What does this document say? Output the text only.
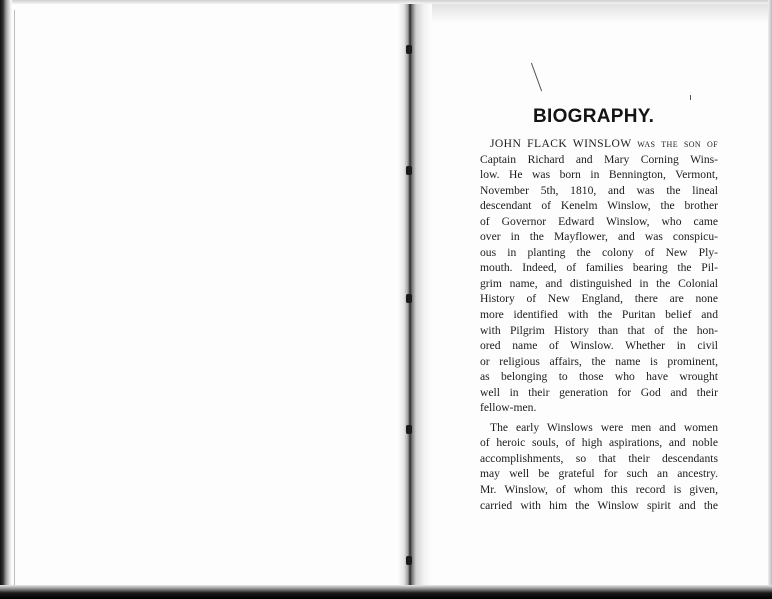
BIOGRAPHY.
JOHN FLACK WINSLOW was the son of
Captain Richard and Mary Corning Wins-
low. He was born in Bennington, Vermont,
November 5th, 1810, and was the lineal
descendant of Kenelm Winslow, the brother
of Governor Edward Winslow, who came
over in the Mayflower, and was conspicu-
ous in planting the colony of New Ply-
mouth. Indeed, of families bearing the Pil-
grim name, and distinguished in the Colonial
History of New England, there are none
more identified with the Puritan belief and
with Pilgrim History than that of the hon-
ored name of Winslow. Whether in civil
or religious affairs, the name is prominent,
as belonging to those who have wrought
well in their generation for God and their
fellow-men.
The early Winslows were men and women
of heroic souls, of high aspirations, and noble
accomplishments, so that their descendants
may well be grateful for such an ancestry.
Mr. Winslow, of whom this record is given,
carried with him the Winslow spirit and the
